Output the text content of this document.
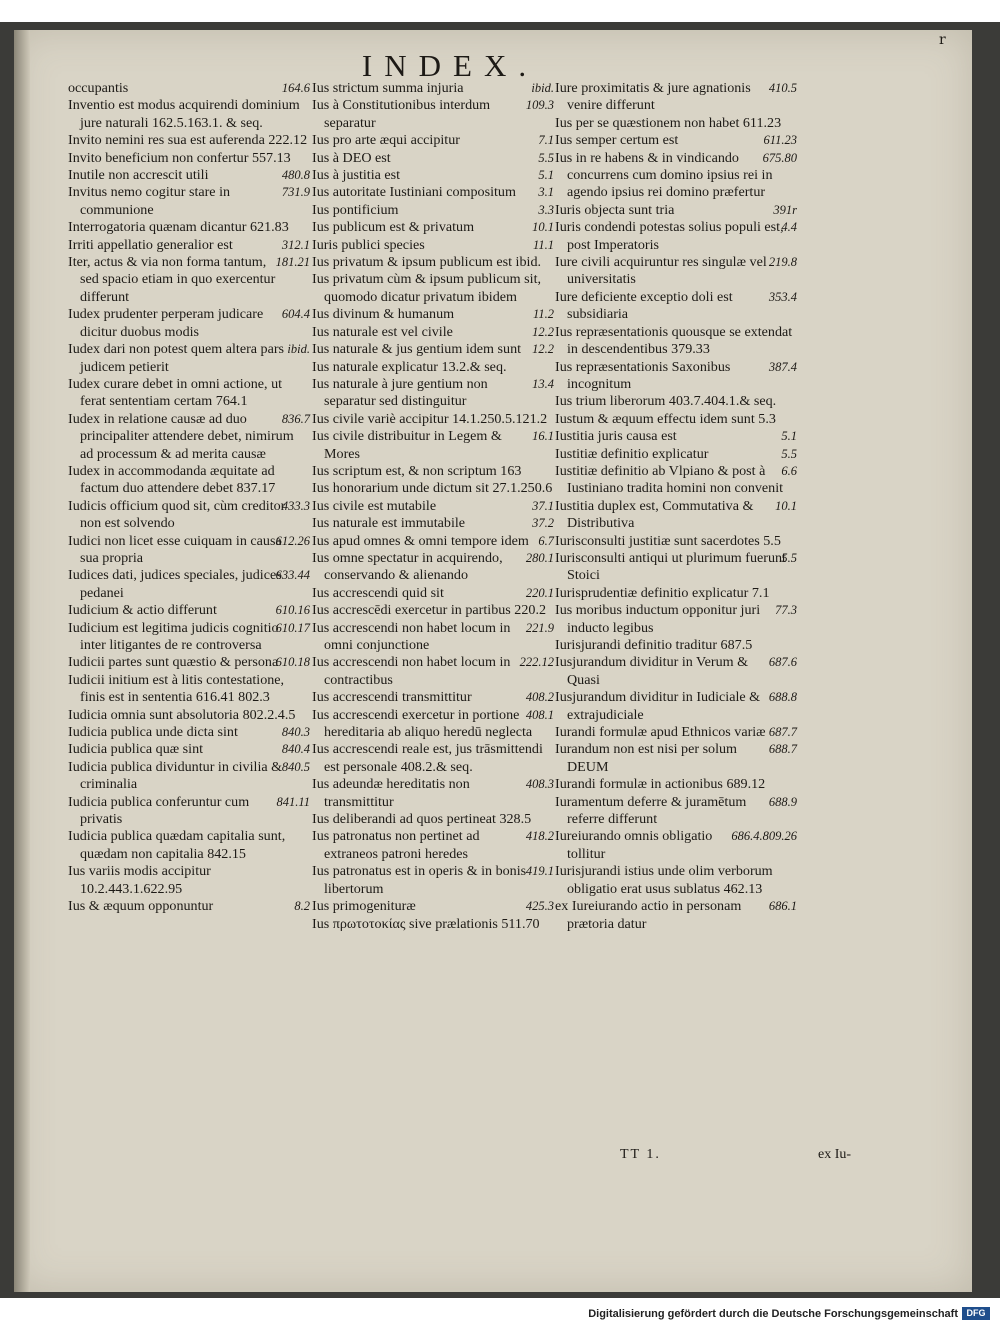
r
INDEX.

164.6
occupantis

Inventio est modus acquirendi dominium jure naturali 162.5.163.1. & seq.

Invito nemini res sua est auferenda 222.12

Invito beneficium non confertur 557.13

480.8
Inutile non accrescit utili

731.9
Invitus nemo cogitur stare in communione

Interrogatoria quænam dicantur 621.83

312.1
Irriti appellatio generalior est

181.21
Iter, actus & via non forma tantum, sed spacio etiam in quo exercentur differunt

604.4
Iudex prudenter perperam judicare dicitur duobus modis

ibid.
Iudex dari non potest quem altera pars judicem petierit

Iudex curare debet in omni actione, ut ferat sententiam certam 764.1

836.7
Iudex in relatione causæ ad duo principaliter attendere debet, nimirum ad processum & ad merita causæ

Iudex in accommodanda æquitate ad factum duo attendere debet 837.17

433.3
Iudicis officium quod sit, cùm creditor non est solvendo

612.26
Iudici non licet esse cuiquam in causa sua propria

633.44
Iudices dati, judices speciales, judices pedanei

610.16
Iudicium & actio differunt

610.17
Iudicium est legitima judicis cognitio inter litigantes de re controversa

610.18
Iudicii partes sunt quæstio & persona

Iudicii initium est à litis contestatione, finis est in sententia 616.41 802.3

Iudicia omnia sunt absolutoria 802.2.4.5

840.3
Iudicia publica unde dicta sint

840.4
Iudicia publica quæ sint

840.5
Iudicia publica dividuntur in civilia & criminalia

841.11
Iudicia publica conferuntur cum privatis

Iudicia publica quædam capitalia sunt, quædam non capitalia 842.15

Ius variis modis accipitur 10.2.443.1.622.95

8.2
Ius & æquum opponuntur

ibid.
Ius strictum summa injuria

109.3
Ius à Constitutionibus interdum separatur

7.1
Ius pro arte æqui accipitur

5.5
Ius à DEO est

5.1
Ius à justitia est

3.1
Ius autoritate Iustiniani compositum

3.3
Ius pontificium

10.1
Ius publicum est & privatum

11.1
Iuris publici species

Ius privatum & ipsum publicum est ibid.

Ius privatum cùm & ipsum publicum sit, quomodo dicatur privatum ibidem

11.2
Ius divinum & humanum

12.2
Ius naturale est vel civile

12.2
Ius naturale & jus gentium idem sunt

Ius naturale explicatur 13.2.& seq.

13.4
Ius naturale à jure gentium non separatur sed distinguitur

Ius civile variè accipitur 14.1.250.5.121.2

16.1
Ius civile distribuitur in Legem & Mores

Ius scriptum est, & non scriptum 163

Ius honorarium unde dictum sit 27.1.250.6

37.1
Ius civile est mutabile

37.2
Ius naturale est immutabile

6.7
Ius apud omnes & omni tempore idem

280.1
Ius omne spectatur in acquirendo, conservando & alienando

220.1
Ius accrescendi quid sit

Ius accrescēdi exercetur in partibus 220.2

221.9
Ius accrescendi non habet locum in omni conjunctione

222.12
Ius accrescendi non habet locum in contractibus

408.2
Ius accrescendi transmittitur

408.1
Ius accrescendi exercetur in portione hereditaria ab aliquo heredū neglecta

Ius accrescendi reale est, jus trāsmittendi est personale 408.2.& seq.

408.3
Ius adeundæ hereditatis non transmittitur

Ius deliberandi ad quos pertineat 328.5

418.2
Ius patronatus non pertinet ad extraneos patroni heredes

419.1
Ius patronatus est in operis & in bonis libertorum

425.3
Ius primogenituræ

Ius πρωτοτοκίας sive prælationis 511.70

410.5
Iure proximitatis & jure agnationis venire differunt

Ius per se quæstionem non habet 611.23

611.23
Ius semper certum est

675.80
Ius in re habens & in vindicando concurrens cum domino ipsius rei in agendo ipsius rei domino præfertur

391r
Iuris objecta sunt tria

4.4
Iuris condendi potestas solius populi est, post Imperatoris

219.8
Iure civili acquiruntur res singulæ vel universitatis

353.4
Iure deficiente exceptio doli est subsidiaria

Ius repræsentationis quousque se extendat in descendentibus 379.33

387.4
Ius repræsentationis Saxonibus incognitum

Ius trium liberorum 403.7.404.1.& seq.

Iustum & æquum effectu idem sunt 5.3

5.1
Iustitia juris causa est

5.5
Iustitiæ definitio explicatur

6.6
Iustitiæ definitio ab Vlpiano & post à Iustiniano tradita homini non convenit

10.1
Iustitia duplex est, Commutativa & Distributiva

Iurisconsulti justitiæ sunt sacerdotes 5.5

5.5
Iurisconsulti antiqui ut plurimum fuerunt Stoici

Iurisprudentiæ definitio explicatur 7.1

77.3
Ius moribus inductum opponitur juri inducto legibus

Iurisjurandi definitio traditur 687.5

687.6
Iusjurandum dividitur in Verum & Quasi

688.8
Iusjurandum dividitur in Iudiciale & extrajudiciale

687.7
Iurandi formulæ apud Ethnicos variæ

688.7
Iurandum non est nisi per solum DEUM

Iurandi formulæ in actionibus 689.12

688.9
Iuramentum deferre & juramētum referre differunt

686.4.809.26
Iureiurando omnis obligatio tollitur

Iurisjurandi istius unde olim verborum obligatio erat usus sublatus 462.13

686.1
ex Iureiurando actio in personam prætoria datur

TT 1.	ex Iu-
Digitalisierung gefördert durch die Deutsche Forschungsgemeinschaft DFG
